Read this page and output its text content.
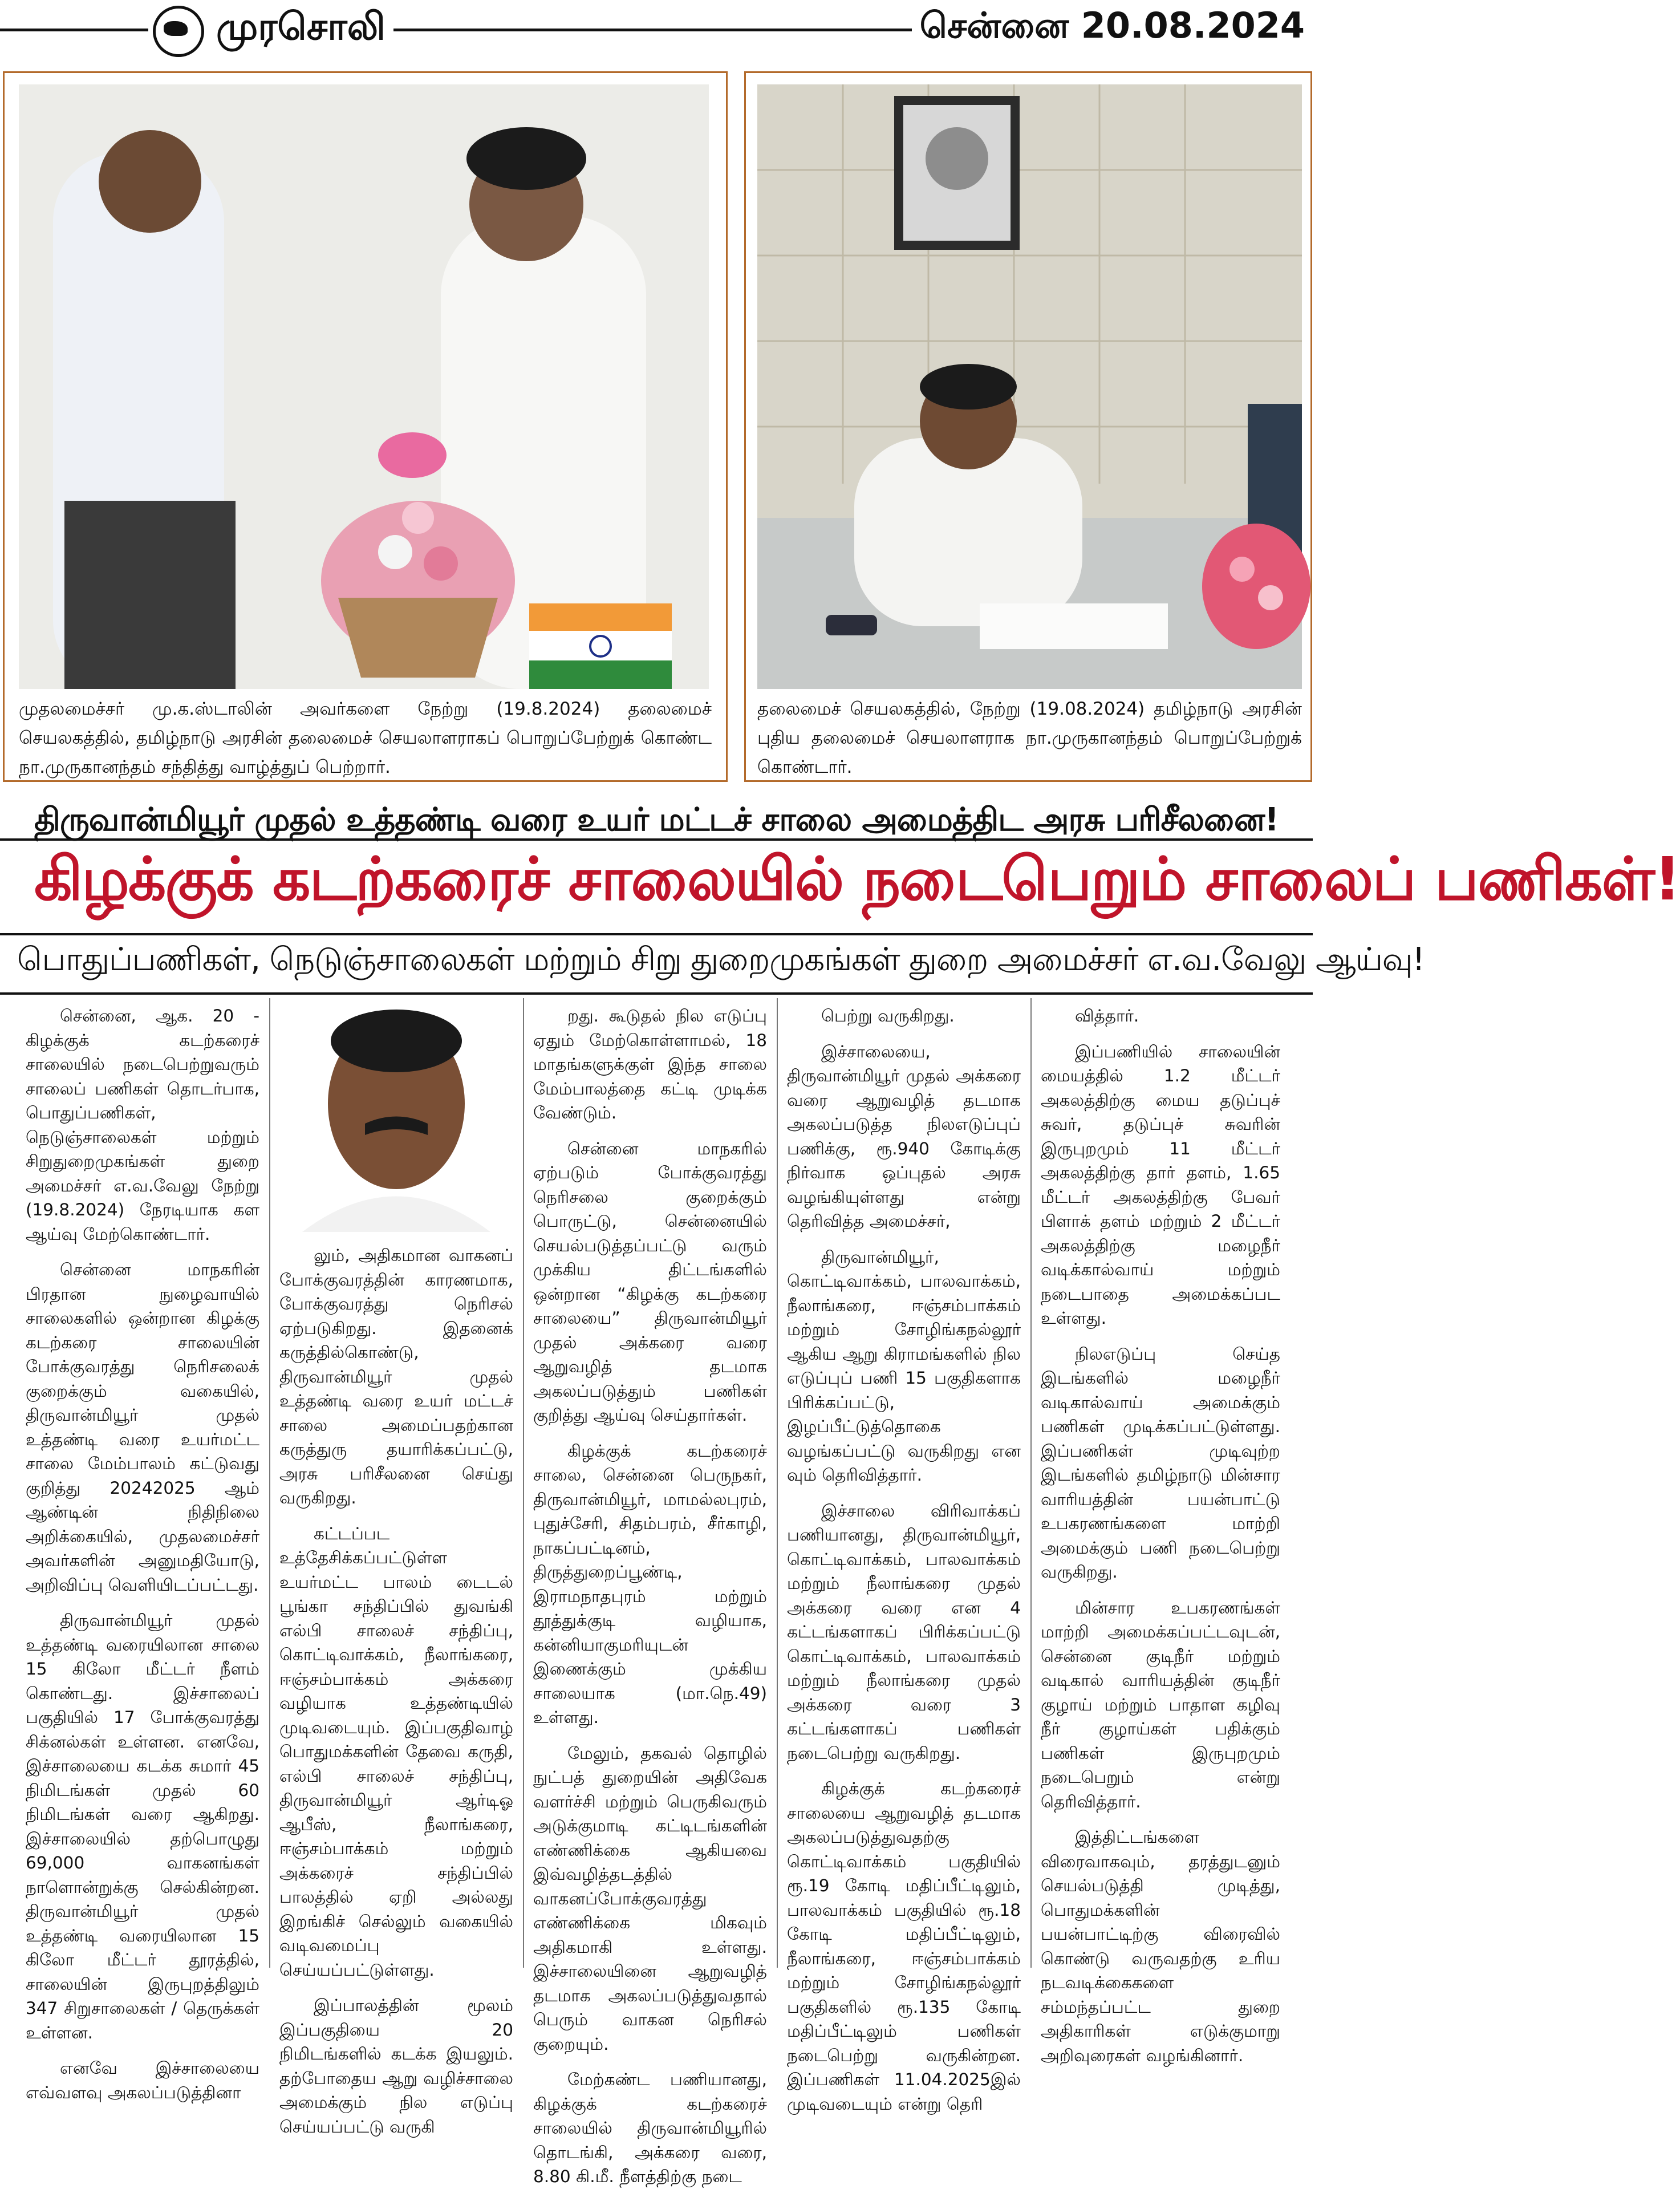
முரசொலி	சென்னை 20.08.2024
முதலமைச்சர் மு.க.ஸ்டாலின் அவர்களை நேற்று (19.8.2024) தலைமைச் செயலகத்தில், தமிழ்நாடு அரசின் தலைமைச் செயலாளராகப் பொறுப்பேற்றுக் கொண்ட நா.முருகானந்தம் சந்தித்து வாழ்த்துப் பெற்றார்.
தலைமைச் செயலகத்தில், நேற்று (19.08.2024) தமிழ்நாடு அரசின் புதிய தலைமைச் செயலாளராக நா.முருகானந்தம் பொறுப்பேற்றுக் கொண்டார்.
திருவான்மியூர் முதல் உத்தண்டி வரை உயர் மட்டச் சாலை அமைத்திட அரசு பரிசீலனை!
கிழக்குக் கடற்கரைச் சாலையில் நடைபெறும் சாலைப் பணிகள்!
பொதுப்பணிகள், நெடுஞ்சாலைகள் மற்றும் சிறு துறைமுகங்கள் துறை அமைச்சர் எ.வ.வேலு ஆய்வு!

சென்னை, ஆக. 20 - கிழக்குக் கடற்கரைச் சாலையில் நடைபெற்றுவரும் சாலைப் பணிகள் தொடர்பாக, பொதுப்பணிகள், நெடுஞ்சாலைகள் மற்றும் சிறுதுறைமுகங்கள் துறை அமைச்சர் எ.வ.வேலு நேற்று (19.8.2024) நேரடியாக கள ஆய்வு மேற்கொண்டார்.

சென்னை மாநகரின் பிரதான நுழைவாயில் சாலைகளில் ஒன்றான கிழக்கு கடற்கரை சாலையின் போக்குவரத்து நெரிசலைக் குறைக்கும் வகையில், திருவான்மியூர் முதல் உத்தண்டி வரை உயர்மட்ட சாலை மேம்பாலம் கட்டுவது குறித்து 20242025 ஆம் ஆண்டின் நிதிநிலை அறிக்கையில், முதலமைச்சர் அவர்களின் அனுமதியோடு, அறிவிப்பு வெளியிடப்பட்டது.

திருவான்மியூர் முதல் உத்தண்டி வரையிலான சாலை 15 கிலோ மீட்டர் நீளம் கொண்டது. இச்சாலைப் பகுதியில் 17 போக்குவரத்து சிக்னல்கள் உள்ளன. எனவே, இச்சாலையை கடக்க சுமார் 45 நிமிடங்கள் முதல் 60 நிமிடங்கள் வரை ஆகிறது. இச்சாலையில் தற்பொழுது 69,000 வாகனங்கள் நாளொன்றுக்கு செல்கின்றன. திருவான்மியூர் முதல் உத்தண்டி வரையிலான 15 கிலோ மீட்டர் தூரத்தில், சாலையின் இருபுறத்திலும் 347 சிறுசாலைகள் / தெருக்கள் உள்ளன.

எனவே இச்சாலையை எவ்வளவு அகலப்படுத்தினா

லும், அதிகமான வாகனப் போக்குவரத்தின் காரணமாக, போக்குவரத்து நெரிசல் ஏற்படுகிறது. இதனைக் கருத்தில்கொண்டு, திருவான்மியூர் முதல் உத்தண்டி வரை உயர் மட்டச் சாலை அமைப்பதற்கான கருத்துரு தயாரிக்கப்பட்டு, அரசு பரிசீலனை செய்து வருகிறது.

கட்டப்பட உத்தேசிக்கப்பட்டுள்ள உயர்மட்ட பாலம் டைடல் பூங்கா சந்திப்பில் துவங்கி எல்பி சாலைச் சந்திப்பு, கொட்டிவாக்கம், நீலாங்கரை, ஈஞ்சம்பாக்கம் அக்கரை வழியாக உத்தண்டியில் முடிவடையும். இப்பகுதிவாழ் பொதுமக்களின் தேவை கருதி, எல்பி சாலைச் சந்திப்பு, திருவான்மியூர் ஆர்டிஓ ஆபீஸ், நீலாங்கரை, ஈஞ்சம்பாக்கம் மற்றும் அக்கரைச் சந்திப்பில் பாலத்தில் ஏறி அல்லது இறங்கிச் செல்லும் வகையில் வடிவமைப்பு செய்யப்பட்டுள்ளது.

இப்பாலத்தின் மூலம் இப்பகுதியை 20 நிமிடங்களில் கடக்க இயலும். தற்போதைய ஆறு வழிச்சாலை அமைக்கும் நில எடுப்பு செய்யப்பட்டு வருகி

றது. கூடுதல் நில எடுப்பு ஏதும் மேற்கொள்ளாமல், 18 மாதங்களுக்குள் இந்த சாலை மேம்பாலத்தை கட்டி முடிக்க வேண்டும்.

சென்னை மாநகரில் ஏற்படும் போக்குவரத்து நெரிசலை குறைக்கும் பொருட்டு, சென்னையில் செயல்படுத்தப்பட்டு வரும் முக்கிய திட்டங்களில் ஒன்றான “கிழக்கு கடற்கரை சாலையை” திருவான்மியூர் முதல் அக்கரை வரை ஆறுவழித் தடமாக அகலப்படுத்தும் பணிகள் குறித்து ஆய்வு செய்தார்கள்.

கிழக்குக் கடற்கரைச் சாலை, சென்னை பெருநகர், திருவான்மியூர், மாமல்லபுரம், புதுச்சேரி, சிதம்பரம், சீர்காழி, நாகப்பட்டினம், திருத்துறைப்பூண்டி, இராமநாதபுரம் மற்றும் தூத்துக்குடி வழியாக, கன்னியாகுமரியுடன் இணைக்கும் முக்கிய சாலையாக (மா.நெ.49) உள்ளது.

மேலும், தகவல் தொழில் நுட்பத் துறையின் அதிவேக வளர்ச்சி மற்றும் பெருகிவரும் அடுக்குமாடி கட்டிடங்களின் எண்ணிக்கை ஆகியவை இவ்வழித்தடத்தில் வாகனப்போக்குவரத்து எண்ணிக்கை மிகவும் அதிகமாகி உள்ளது. இச்சாலையினை ஆறுவழித் தடமாக அகலப்படுத்துவதால் பெரும் வாகன நெரிசல் குறையும்.

மேற்கண்ட பணியானது, கிழக்குக் கடற்கரைச் சாலையில் திருவான்மியூரில் தொடங்கி, அக்கரை வரை, 8.80 கி.மீ. நீளத்திற்கு நடை

பெற்று வருகிறது.

இச்சாலையை, திருவான்மியூர் முதல் அக்கரை வரை ஆறுவழித் தடமாக அகலப்படுத்த நிலஎடுப்புப் பணிக்கு, ரூ.940 கோடிக்கு நிர்வாக ஒப்புதல் அரசு வழங்கியுள்ளது என்று தெரிவித்த அமைச்சர்,

திருவான்மியூர், கொட்டிவாக்கம், பாலவாக்கம், நீலாங்கரை, ஈஞ்சம்பாக்கம் மற்றும் சோழிங்கநல்லூர் ஆகிய ஆறு கிராமங்களில் நில எடுப்புப் பணி 15 பகுதிகளாக பிரிக்கப்பட்டு, இழப்பீட்டுத்தொகை வழங்கப்பட்டு வருகிறது என வும் தெரிவித்தார்.

இச்சாலை விரிவாக்கப் பணியானது, திருவான்மியூர், கொட்டிவாக்கம், பாலவாக்கம் மற்றும் நீலாங்கரை முதல் அக்கரை வரை என 4 கட்டங்களாகப் பிரிக்கப்பட்டு கொட்டிவாக்கம், பாலவாக்கம் மற்றும் நீலாங்கரை முதல் அக்கரை வரை 3 கட்டங்களாகப் பணிகள் நடைபெற்று வருகிறது.

கிழக்குக் கடற்கரைச் சாலையை ஆறுவழித் தடமாக அகலப்படுத்துவதற்கு கொட்டிவாக்கம் பகுதியில் ரூ.19 கோடி மதிப்பீட்டிலும், பாலவாக்கம் பகுதியில் ரூ.18 கோடி மதிப்பீட்டிலும், நீலாங்கரை, ஈஞ்சம்பாக்கம் மற்றும் சோழிங்கநல்லூர் பகுதிகளில் ரூ.135 கோடி மதிப்பீட்டிலும் பணிகள் நடைபெற்று வருகின்றன. இப்பணிகள் 11.04.2025இல் முடிவடையும் என்று தெரி

வித்தார்.

இப்பணியில் சாலையின் மையத்தில் 1.2 மீட்டர் அகலத்திற்கு மைய தடுப்புச் சுவர், தடுப்புச் சுவரின் இருபுறமும் 11 மீட்டர் அகலத்திற்கு தார் தளம், 1.65 மீட்டர் அகலத்திற்கு பேவர் பிளாக் தளம் மற்றும் 2 மீட்டர் அகலத்திற்கு மழைநீர் வடிக்கால்வாய் மற்றும் நடைபாதை அமைக்கப்பட உள்ளது.

நிலஎடுப்பு செய்த இடங்களில் மழைநீர் வடிகால்வாய் அமைக்கும் பணிகள் முடிக்கப்பட்டுள்ளது. இப்பணிகள் முடிவுற்ற இடங்களில் தமிழ்நாடு மின்சார வாரியத்தின் பயன்பாட்டு உபகரணங்களை மாற்றி அமைக்கும் பணி நடைபெற்று வருகிறது.

மின்சார உபகரணங்கள் மாற்றி அமைக்கப்பட்டவுடன், சென்னை குடிநீர் மற்றும் வடிகால் வாரியத்தின் குடிநீர் குழாய் மற்றும் பாதாள கழிவு நீர் குழாய்கள் பதிக்கும் பணிகள் இருபுறமும் நடைபெறும் என்று தெரிவித்தார்.

இத்திட்டங்களை விரைவாகவும், தரத்துடனும் செயல்படுத்தி முடித்து, பொதுமக்களின் பயன்பாட்டிற்கு விரைவில் கொண்டு வருவதற்கு உரிய நடவடிக்கைகளை சம்மந்தப்பட்ட துறை அதிகாரிகள் எடுக்குமாறு அறிவுரைகள் வழங்கினார்.
